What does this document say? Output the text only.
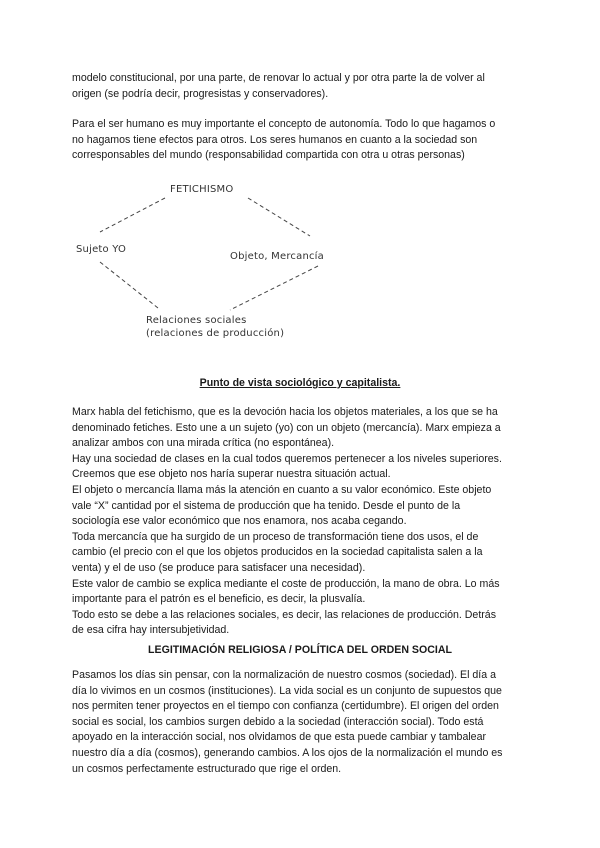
modelo constitucional, por una parte, de renovar lo actual y por otra parte la de volver al
origen (se podría decir, progresistas y conservadores).
Para el ser humano es muy importante el concepto de autonomía. Todo lo que hagamos o
no hagamos tiene efectos para otros. Los seres humanos en cuanto a la sociedad son
corresponsables del mundo (responsabilidad compartida con otra u otras personas)
FETICHISMO
Sujeto YO
Objeto, Mercancía
Relaciones sociales
(relaciones de producción)
Punto de vista sociológico y capitalista.
Marx habla del fetichismo, que es la devoción hacia los objetos materiales, a los que se ha
denominado fetiches. Esto une a un sujeto (yo) con un objeto (mercancía). Marx empieza a
analizar ambos con una mirada crítica (no espontánea).
Hay una sociedad de clases en la cual todos queremos pertenecer a los niveles superiores.
Creemos que ese objeto nos haría superar nuestra situación actual.
El objeto o mercancía llama más la atención en cuanto a su valor económico. Este objeto
vale “X” cantidad por el sistema de producción que ha tenido. Desde el punto de la
sociología ese valor económico que nos enamora, nos acaba cegando.
Toda mercancía que ha surgido de un proceso de transformación tiene dos usos, el de
cambio (el precio con el que los objetos producidos en la sociedad capitalista salen a la
venta) y el de uso (se produce para satisfacer una necesidad).
Este valor de cambio se explica mediante el coste de producción, la mano de obra. Lo más
importante para el patrón es el beneficio, es decir, la plusvalía.
Todo esto se debe a las relaciones sociales, es decir, las relaciones de producción. Detrás
de esa cifra hay intersubjetividad.
LEGITIMACIÓN RELIGIOSA / POLÍTICA DEL ORDEN SOCIAL
Pasamos los días sin pensar, con la normalización de nuestro cosmos (sociedad). El día a
día lo vivimos en un cosmos (instituciones). La vida social es un conjunto de supuestos que
nos permiten tener proyectos en el tiempo con confianza (certidumbre). El origen del orden
social es social, los cambios surgen debido a la sociedad (interacción social). Todo está
apoyado en la interacción social, nos olvidamos de que esta puede cambiar y tambalear
nuestro día a día (cosmos), generando cambios. A los ojos de la normalización el mundo es
un cosmos perfectamente estructurado que rige el orden.
